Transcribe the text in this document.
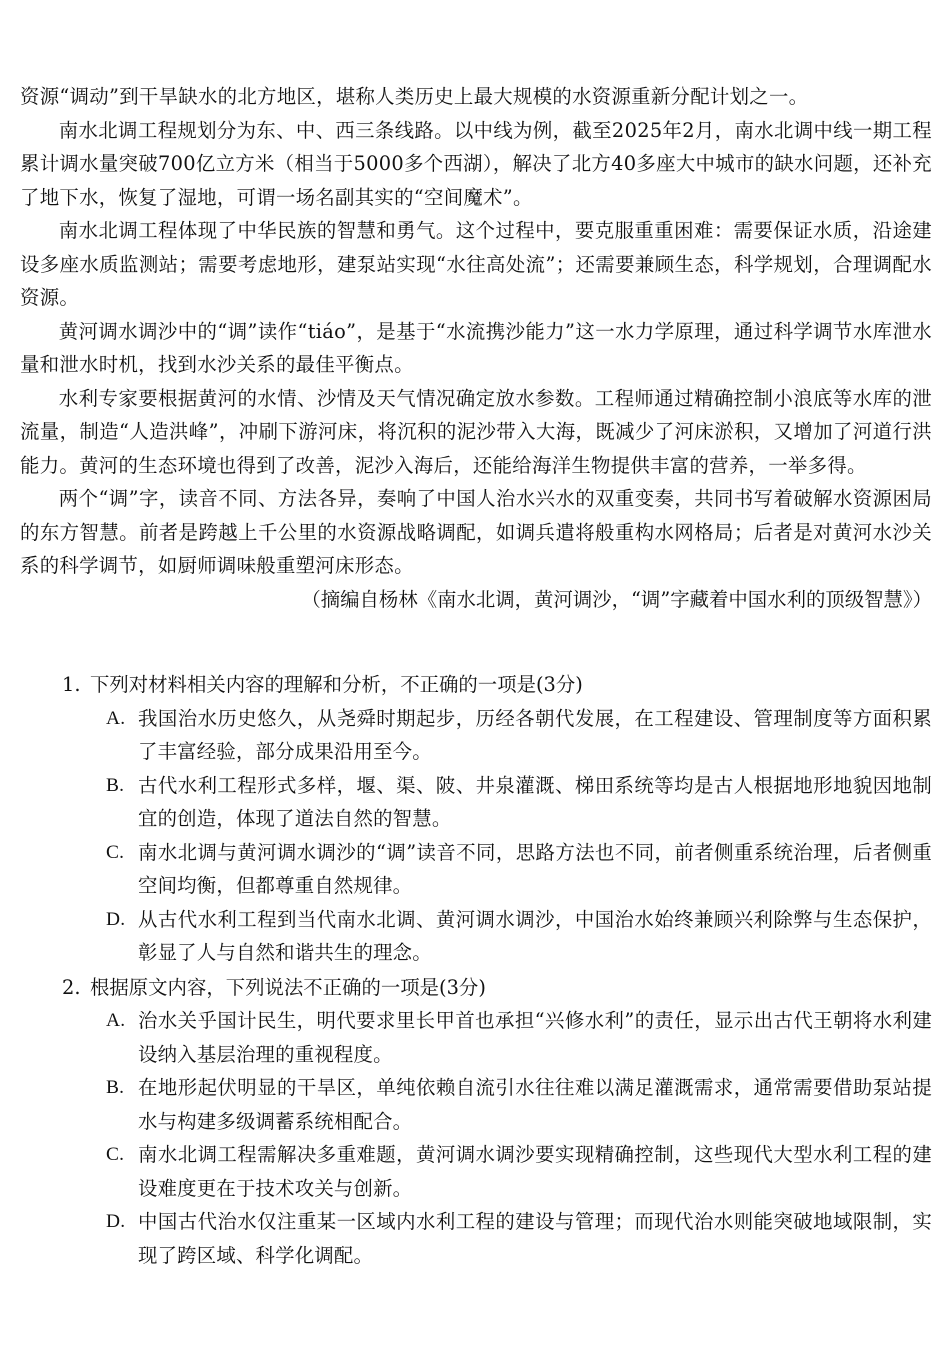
资源“调动”到干旱缺水的北方地区，堪称人类历史上最大规模的水资源重新分配计划之一。

南水北调工程规划分为东、中、西三条线路。以中线为例，截至2025年2月，南水北调中线一期工程累计调水量突破700亿立方米（相当于5000多个西湖），解决了北方40多座大中城市的缺水问题，还补充了地下水，恢复了湿地，可谓一场名副其实的“空间魔术”。

南水北调工程体现了中华民族的智慧和勇气。这个过程中，要克服重重困难：需要保证水质，沿途建设多座水质监测站；需要考虑地形，建泵站实现“水往高处流”；还需要兼顾生态，科学规划，合理调配水资源。

黄河调水调沙中的“调”读作“tiáo”，是基于“水流携沙能力”这一水力学原理，通过科学调节水库泄水量和泄水时机，找到水沙关系的最佳平衡点。

水利专家要根据黄河的水情、沙情及天气情况确定放水参数。工程师通过精确控制小浪底等水库的泄流量，制造“人造洪峰”，冲刷下游河床，将沉积的泥沙带入大海，既减少了河床淤积，又增加了河道行洪能力。黄河的生态环境也得到了改善，泥沙入海后，还能给海洋生物提供丰富的营养，一举多得。

两个“调”字，读音不同、方法各异，奏响了中国人治水兴水的双重变奏，共同书写着破解水资源困局的东方智慧。前者是跨越上千公里的水资源战略调配，如调兵遣将般重构水网格局；后者是对黄河水沙关系的科学调节，如厨师调味般重塑河床形态。

（摘编自杨林《南水北调，黄河调沙，“调”字藏着中国水利的顶级智慧》）

1. 下列对材料相关内容的理解和分析，不正确的一项是(3分)

A. 我国治水历史悠久，从尧舜时期起步，历经各朝代发展，在工程建设、管理制度等方面积累了丰富经验，部分成果沿用至今。

B. 古代水利工程形式多样，堰、渠、陂、井泉灌溉、梯田系统等均是古人根据地形地貌因地制宜的创造，体现了道法自然的智慧。

C. 南水北调与黄河调水调沙的“调”读音不同，思路方法也不同，前者侧重系统治理，后者侧重空间均衡，但都尊重自然规律。

D. 从古代水利工程到当代南水北调、黄河调水调沙，中国治水始终兼顾兴利除弊与生态保护，彰显了人与自然和谐共生的理念。

2. 根据原文内容，下列说法不正确的一项是(3分)

A. 治水关乎国计民生，明代要求里长甲首也承担“兴修水利”的责任，显示出古代王朝将水利建设纳入基层治理的重视程度。

B. 在地形起伏明显的干旱区，单纯依赖自流引水往往难以满足灌溉需求，通常需要借助泵站提水与构建多级调蓄系统相配合。

C. 南水北调工程需解决多重难题，黄河调水调沙要实现精确控制，这些现代大型水利工程的建设难度更在于技术攻关与创新。

D. 中国古代治水仅注重某一区域内水利工程的建设与管理；而现代治水则能突破地域限制，实现了跨区域、科学化调配。
